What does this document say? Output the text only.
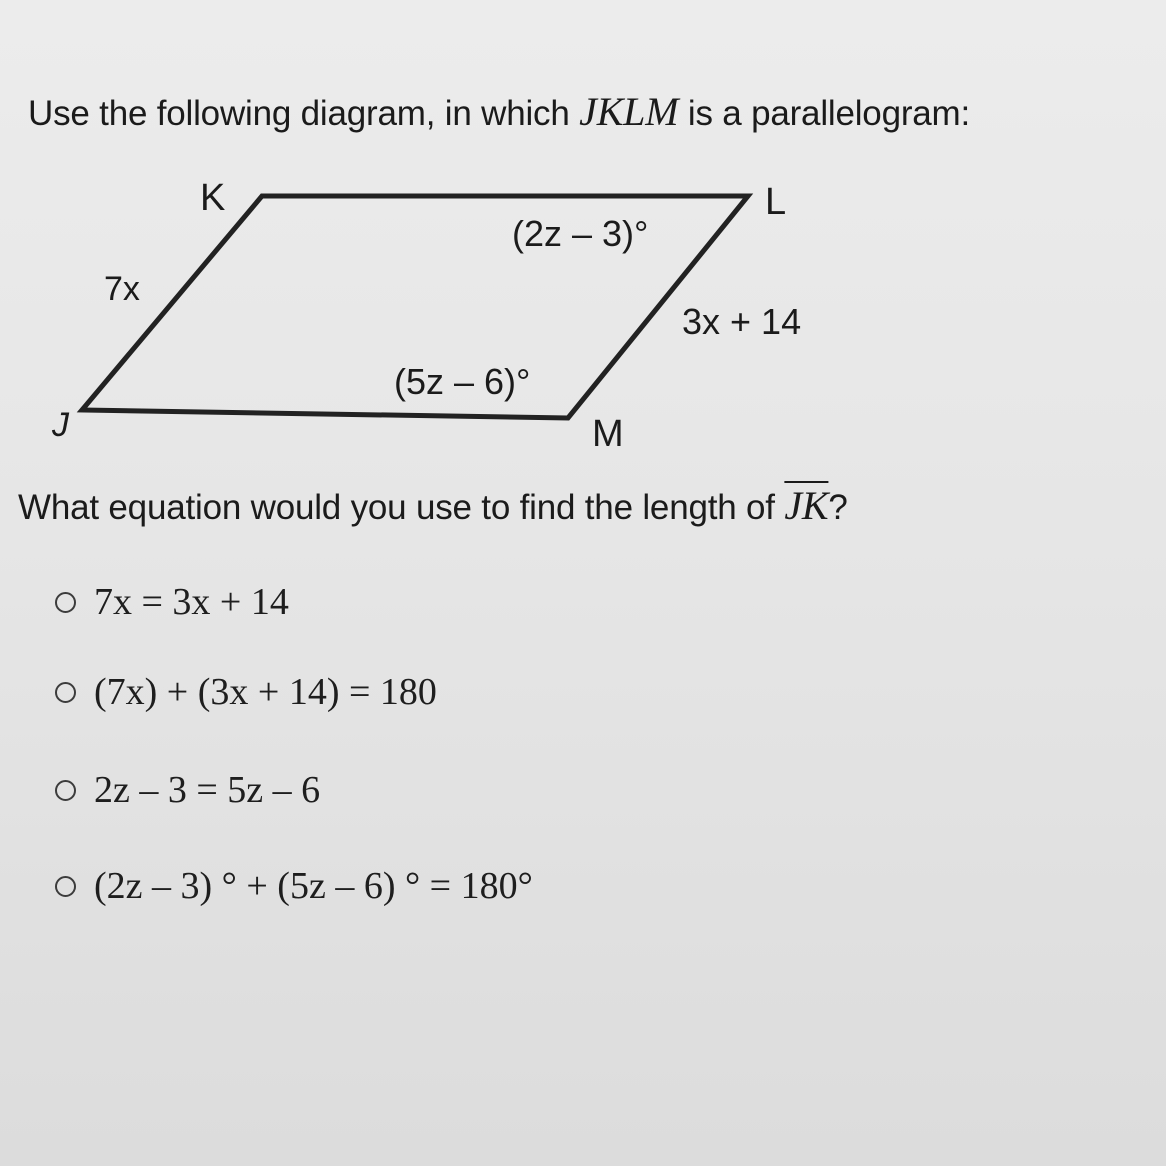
Use the following diagram, in which JKLM is a parallelogram:
K	L
J	M
7x
3x + 14
(2z – 3)°
(5z – 6)°
What equation would you use to find the length of $\overline{JK}$?
7x = 3x + 14
(7x) + (3x + 14) = 180
2z – 3 = 5z – 6
(2z – 3) ° + (5z – 6) ° = 180°
